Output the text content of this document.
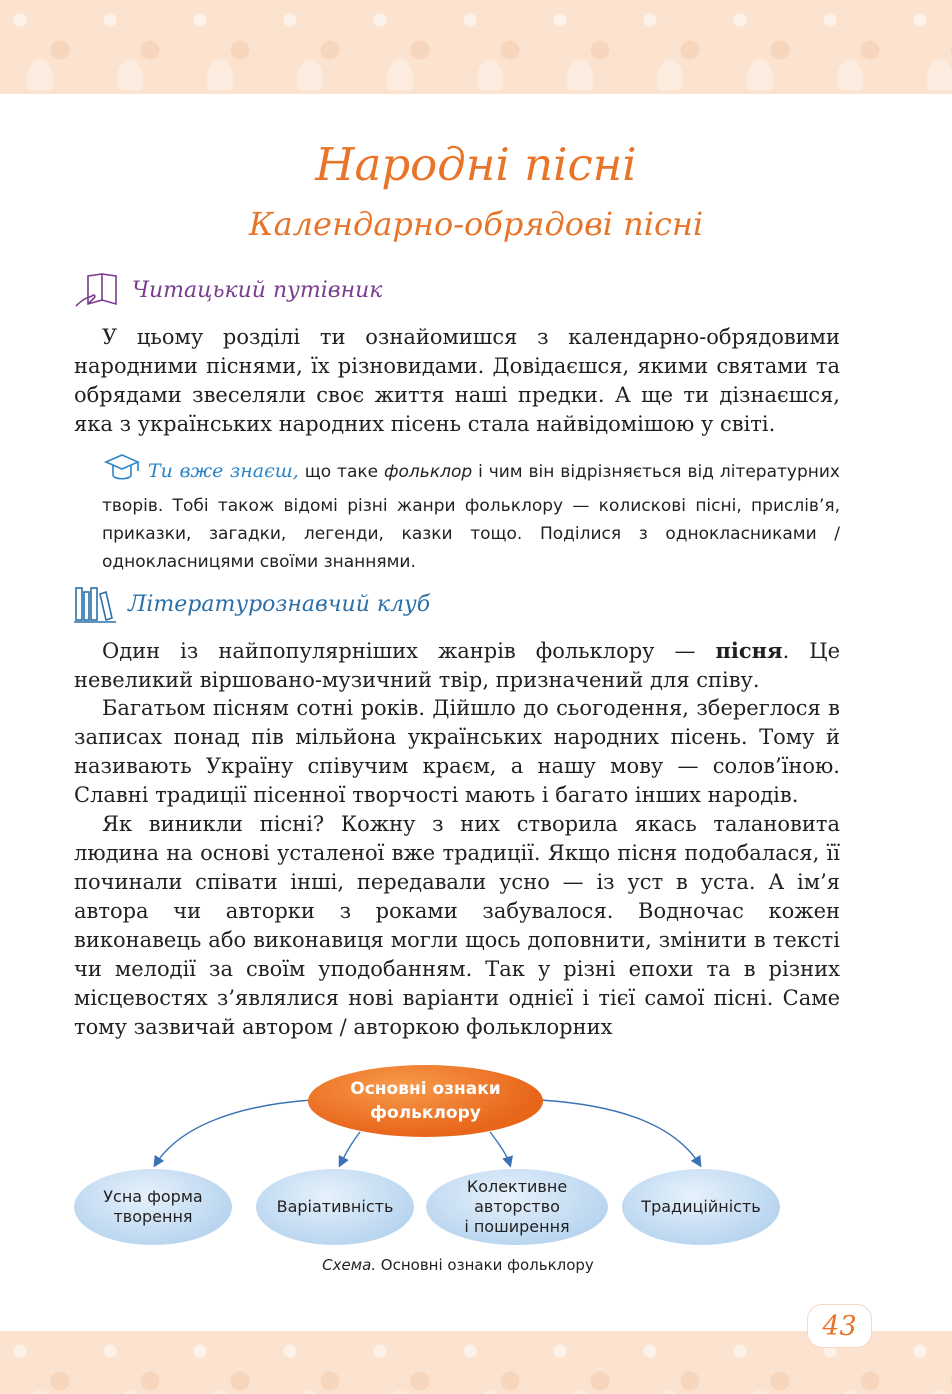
Народні пісні
Календарно-обрядові пісні
Читацький путівник

У цьому розділі ти ознайомишся з календарно-обрядовими народними піснями, їх різновидами. Довідаєшся, якими святами та обрядами звеселяли своє життя наші предки. А ще ти дізнаєшся, яка з українських народних пісень стала найвідомішою у світі.

Ти вже знаєш, що таке фольклор і чим він відрізняється від літературних творів. Тобі також відомі різні жанри фольклору — колискові пісні, прислів’я, приказки, загадки, легенди, казки тощо. Поділися з однокласниками / однокласницями своїми знаннями.

Літературознавчий клуб

Один із найпопулярніших жанрів фольклору — пісня. Це невеликий віршовано-музичний твір, призначений для співу.

Багатьом пісням сотні років. Дійшло до сьогодення, збереглося в записах понад пів мільйона українських народних пісень. Тому й називають Україну співучим краєм, а нашу мову — солов’їною. Славні традиції пісенної творчості мають і багато інших народів.

Як виникли пісні? Кожну з них створила якась талановита людина на основі усталеної вже традиції. Якщо пісня подобалася, її починали співати інші, передавали усно — із уст в уста. А ім’я автора чи авторки з роками забувалося. Водночас кожен виконавець або виконавиця могли щось доповнити, змінити в тексті чи мелодії за своїм уподобанням. Так у різні епохи та в різних місцевостях з’являлися нові варіанти однієї і тієї самої пісні. Саме тому зазвичай автором / авторкою фольклорних

Основні ознаки
фольклору
Усна форма
творення
Варіативність
Колективне
авторство
і поширення
Традиційність

Схема. Основні ознаки фольклору

43
